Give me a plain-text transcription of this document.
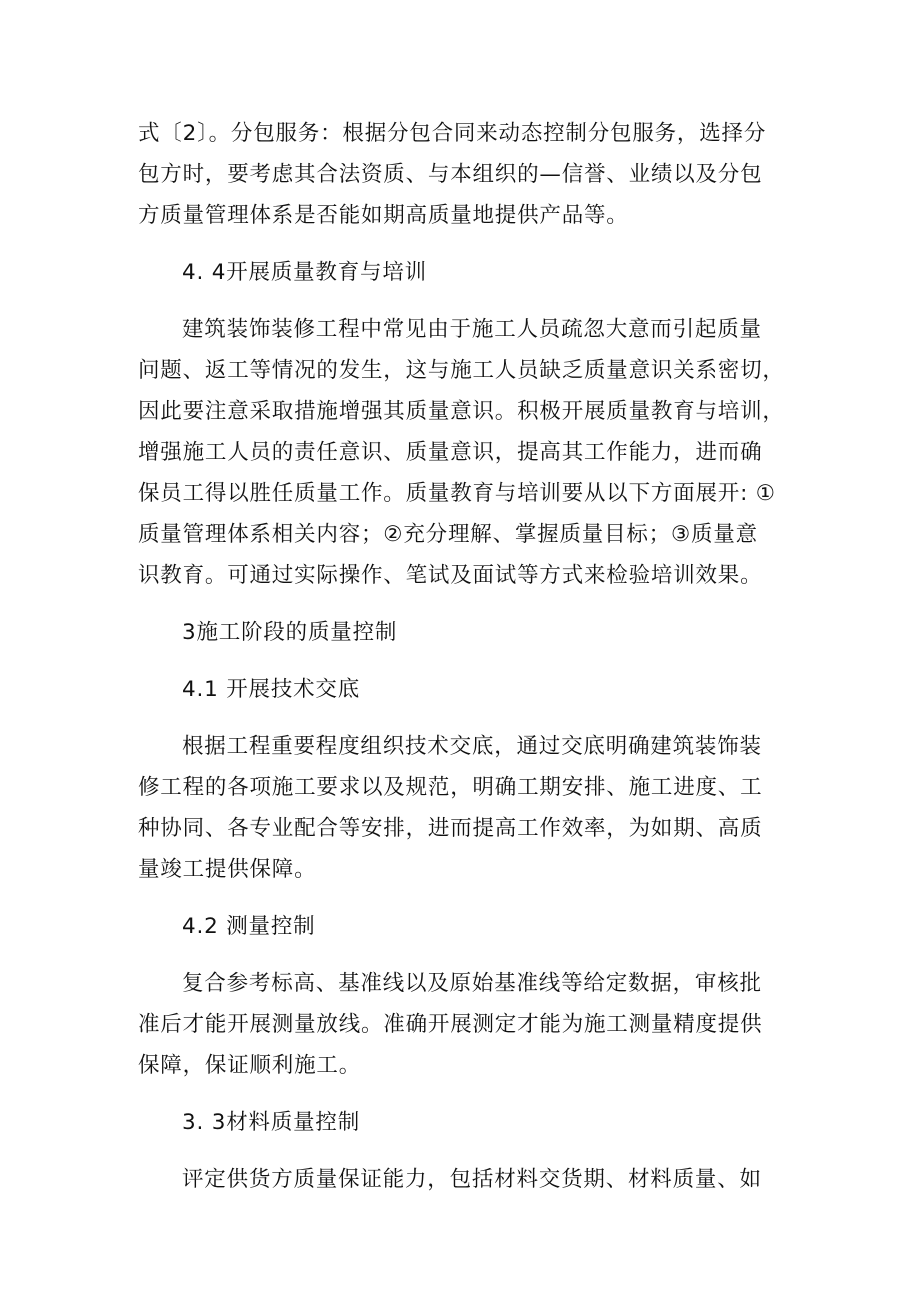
式〔2〕。分包服务：根据分包合同来动态控制分包服务，选择分
包方时，要考虑其合法资质、与本组织的—信誉、业绩以及分包
方质量管理体系是否能如期高质量地提供产品等。
4. 4开展质量教育与培训
建筑装饰装修工程中常见由于施工人员疏忽大意而引起质量
问题、返工等情况的发生，这与施工人员缺乏质量意识关系密切，
因此要注意采取措施增强其质量意识。积极开展质量教育与培训，
增强施工人员的责任意识、质量意识，提高其工作能力，进而确
保员工得以胜任质量工作。质量教育与培训要从以下方面展开: ①
质量管理体系相关内容；②充分理解、掌握质量目标；③质量意
识教育。可通过实际操作、笔试及面试等方式来检验培训效果。
3施工阶段的质量控制
4.1 开展技术交底
根据工程重要程度组织技术交底，通过交底明确建筑装饰装
修工程的各项施工要求以及规范，明确工期安排、施工进度、工
种协同、各专业配合等安排，进而提高工作效率，为如期、高质
量竣工提供保障。
4.2 测量控制
复合参考标高、基准线以及原始基准线等给定数据，审核批
准后才能开展测量放线。准确开展测定才能为施工测量精度提供
保障，保证顺利施工。
3. 3材料质量控制
评定供货方质量保证能力，包括材料交货期、材料质量、如
